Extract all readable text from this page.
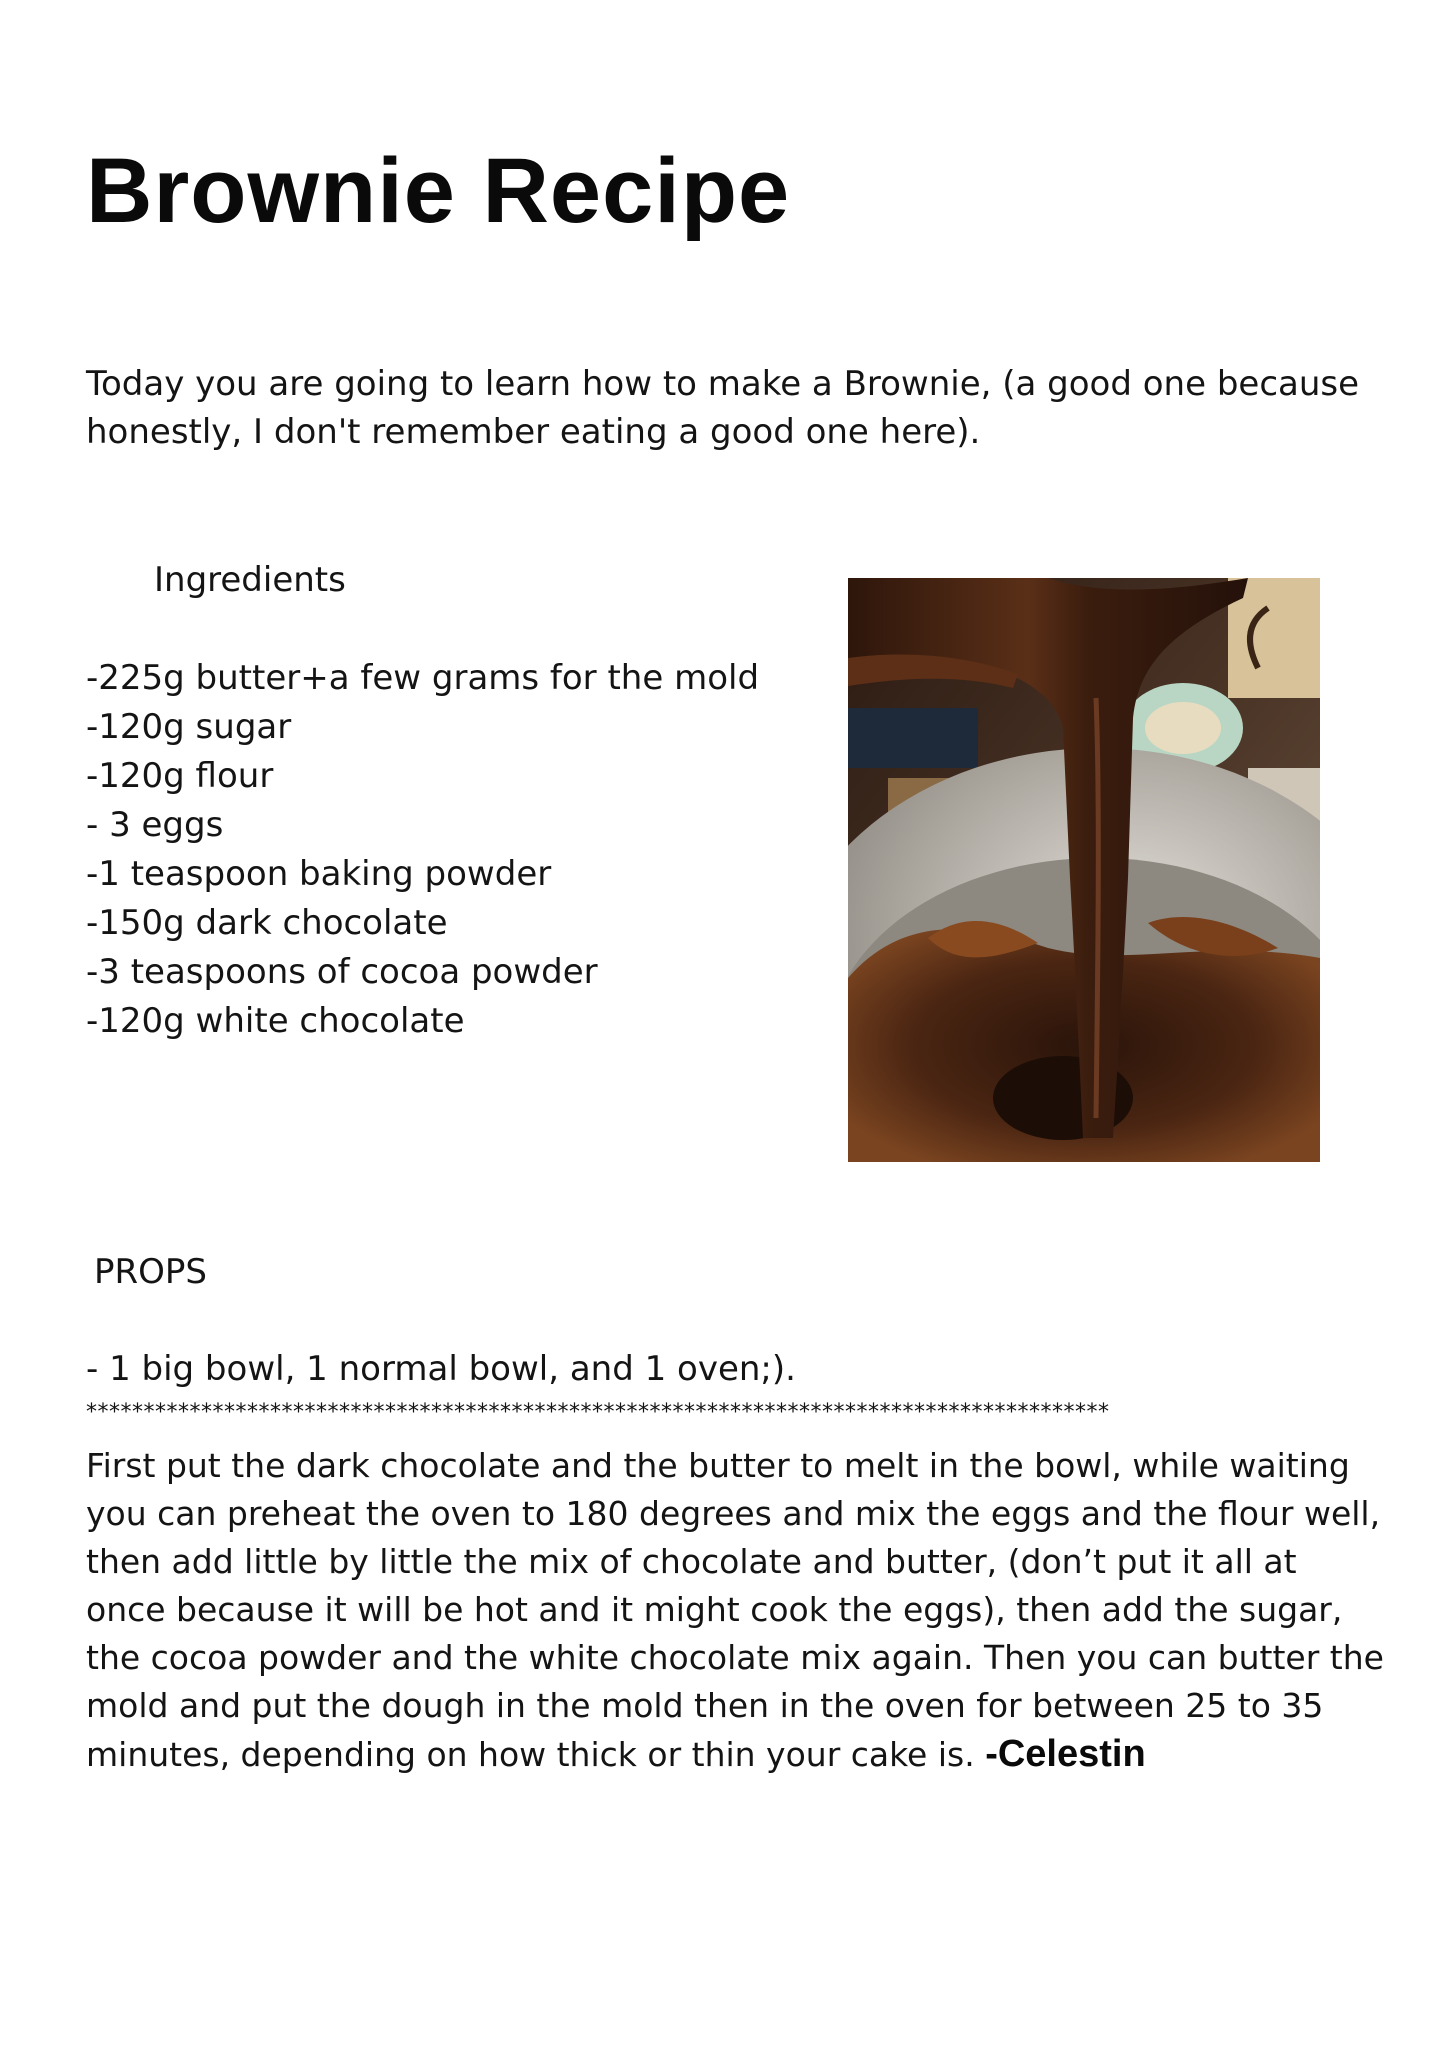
Brownie Recipe

Today you are going to learn how to make a Brownie, (a good one because honestly, I don't remember eating a good one here).

Ingredients
-225g butter+a few grams for the mold
-120g sugar
-120g flour
- 3 eggs
-1 teaspoon baking powder
-150g dark chocolate
-3 teaspoons of cocoa powder
-120g white chocolate
PROPS

- 1 big bowl, 1 normal bowl, and 1 oven;).

*****************************************************************************************

First put the dark chocolate and the butter to melt in the bowl, while waiting you can preheat the oven to 180 degrees and mix the eggs and the flour well, then add little by little the mix of chocolate and butter, (don’t put it all at once because it will be hot and it might cook the eggs), then add the sugar, the cocoa powder and the white chocolate mix again. Then you can butter the mold and put the dough in the mold then in the oven for between 25 to 35 minutes, depending on how thick or thin your cake is. -Celestin
